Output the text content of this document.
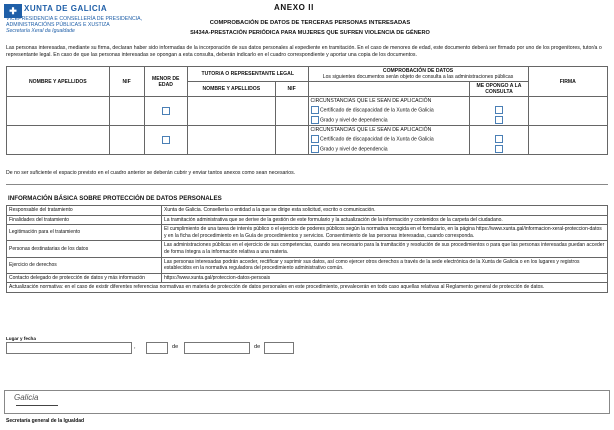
✚ XUNTA DE GALICIA
VICEPRESIDENCIA E CONSELLERÍA DE PRESIDENCIA,
ADMINISTRACIÓNS PÚBLICAS E XUSTIZA
Secretaría Xeral da Igualdade
ANEXO II
COMPROBACIÓN DE DATOS DE TERCERAS PERSONAS INTERESADAS
SI434A-PRESTACIÓN PERIÓDICA PARA MUJERES QUE SUFREN VIOLENCIA DE GÉNERO
Las personas interesadas, mediante su firma, declaran haber sido informadas de la incorporación de sus datos personales al expediente en tramitación. En el caso de menores de edad, este documento deberá ser firmado por uno de los progenitores, tutor/a o representante legal. En caso de que las personas interesadas se opongan a esta consulta, deberán indicarlo en el cuadro correspondiente y aportar una copia de los documentos.
NOMBRE Y APELLIDOS	NIF	MENOR DE EDAD	TUTOR/A O REPRESENTANTE LEGAL		COMPROBACIÓN DE DATOS
Los siguientes documentos serán objeto de consulta a las administraciones públicas		FIRMA
			NOMBRE Y APELLIDOS	NIF		ME OPONGO A LA CONSULTA	
					CIRCUNSTANCIAS QUE LE SEAN DE APLICACIÓN		
					Certificado de discapacidad de la Xunta de Galicia		
					Grado y nivel de dependencia		
					CIRCUNSTANCIAS QUE LE SEAN DE APLICACIÓN		
					Certificado de discapacidad de la Xunta de Galicia		
					Grado y nivel de dependencia		
De no ser suficiente el espacio previsto en el cuadro anterior se deberán cubrir y enviar tantos anexos como sean necesarios.
INFORMACIÓN BÁSICA SOBRE PROTECCIÓN DE DATOS PERSONALES
Responsable del tratamiento	Xunta de Galicia. Consellería o entidad a la que se dirige esta solicitud, escrito o comunicación.
Finalidades del tratamiento	La tramitación administrativa que se derive de la gestión de este formulario y la actualización de la información y contenidos de la carpeta del ciudadano.
Legitimación para el tratamiento	El cumplimiento de una tarea de interés público o el ejercicio de poderes públicos según la normativa recogida en el formulario, en la página https://www.xunta.gal/informacion-xeral-proteccion-datos y en la ficha del procedimiento en la Guía de procedimientos y servicios. Consentimiento de las personas interesadas, cuando corresponda.
Personas destinatarias de los datos	Las administraciones públicas en el ejercicio de sus competencias, cuando sea necesario para la tramitación y resolución de sus procedimientos o para que las personas interesadas puedan acceder de forma íntegra a la información relativa a una materia.
Ejercicio de derechos	Las personas interesadas podrán acceder, rectificar y suprimir sus datos, así como ejercer otros derechos a través de la sede electrónica de la Xunta de Galicia o en los lugares y registros establecidos en la normativa reguladora del procedimiento administrativo común.
Contacto delegado de protección de datos y más información	https://www.xunta.gal/proteccion-datos-persoais
Actualización normativa: en el caso de existir diferentes referencias normativas en materia de protección de datos personales en este procedimiento, prevalecerán en todo caso aquellas relativas al Reglamento general de protección de datos.	
Lugar y fecha
,	de	de
Galicia
Secretaría general de la Igualdad
